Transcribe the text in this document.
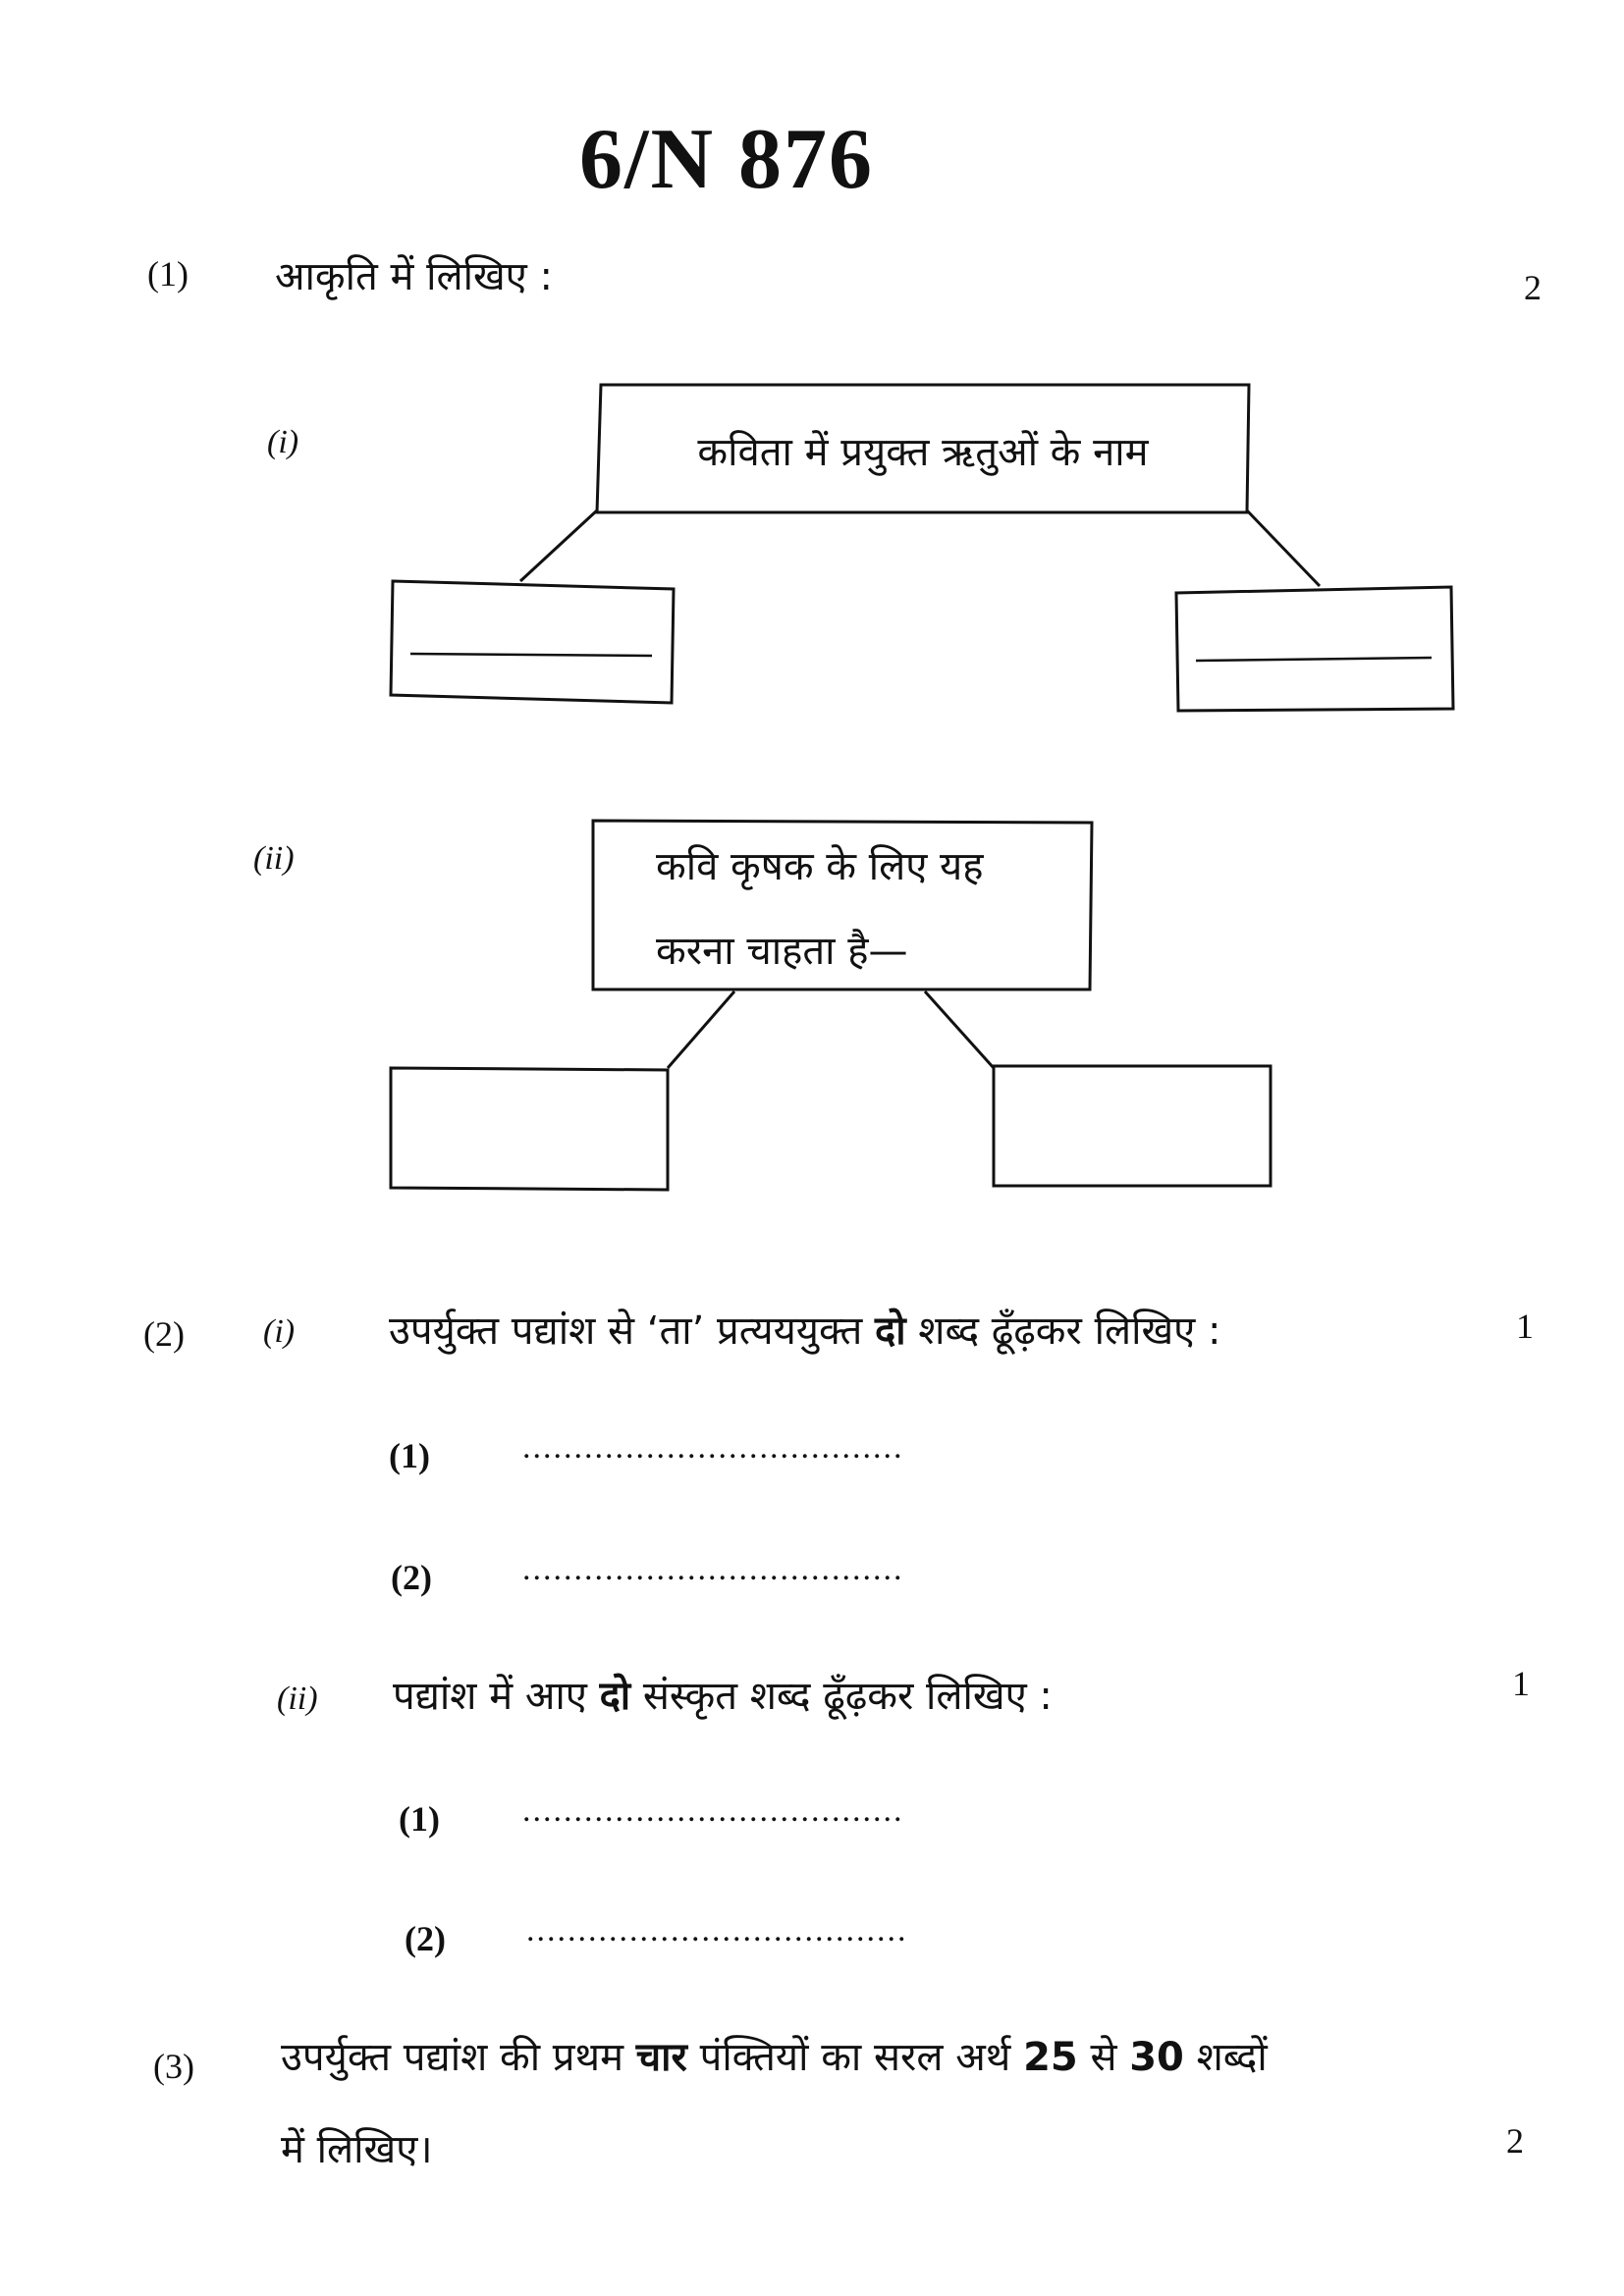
6/N 876
(1) आकृति में लिखिए :	2
(i)
(ii)
कविता में प्रयुक्त ऋतुओं के नाम
कवि कृषक के लिए यह
करना चाहता है—
(2) (i) उपर्युक्त पद्यांश से ‘ता’ प्रत्यययुक्त दो शब्द ढूँढ़कर लिखिए :	1
(1)	.....................................
(2)	.....................................
(ii) पद्यांश में आए दो संस्कृत शब्द ढूँढ़कर लिखिए :	1
(1) .....................................
(2) .....................................
(3) उपर्युक्त पद्यांश की प्रथम चार पंक्तियों का सरल अर्थ 25 से 30 शब्दों
में लिखिए।	2
